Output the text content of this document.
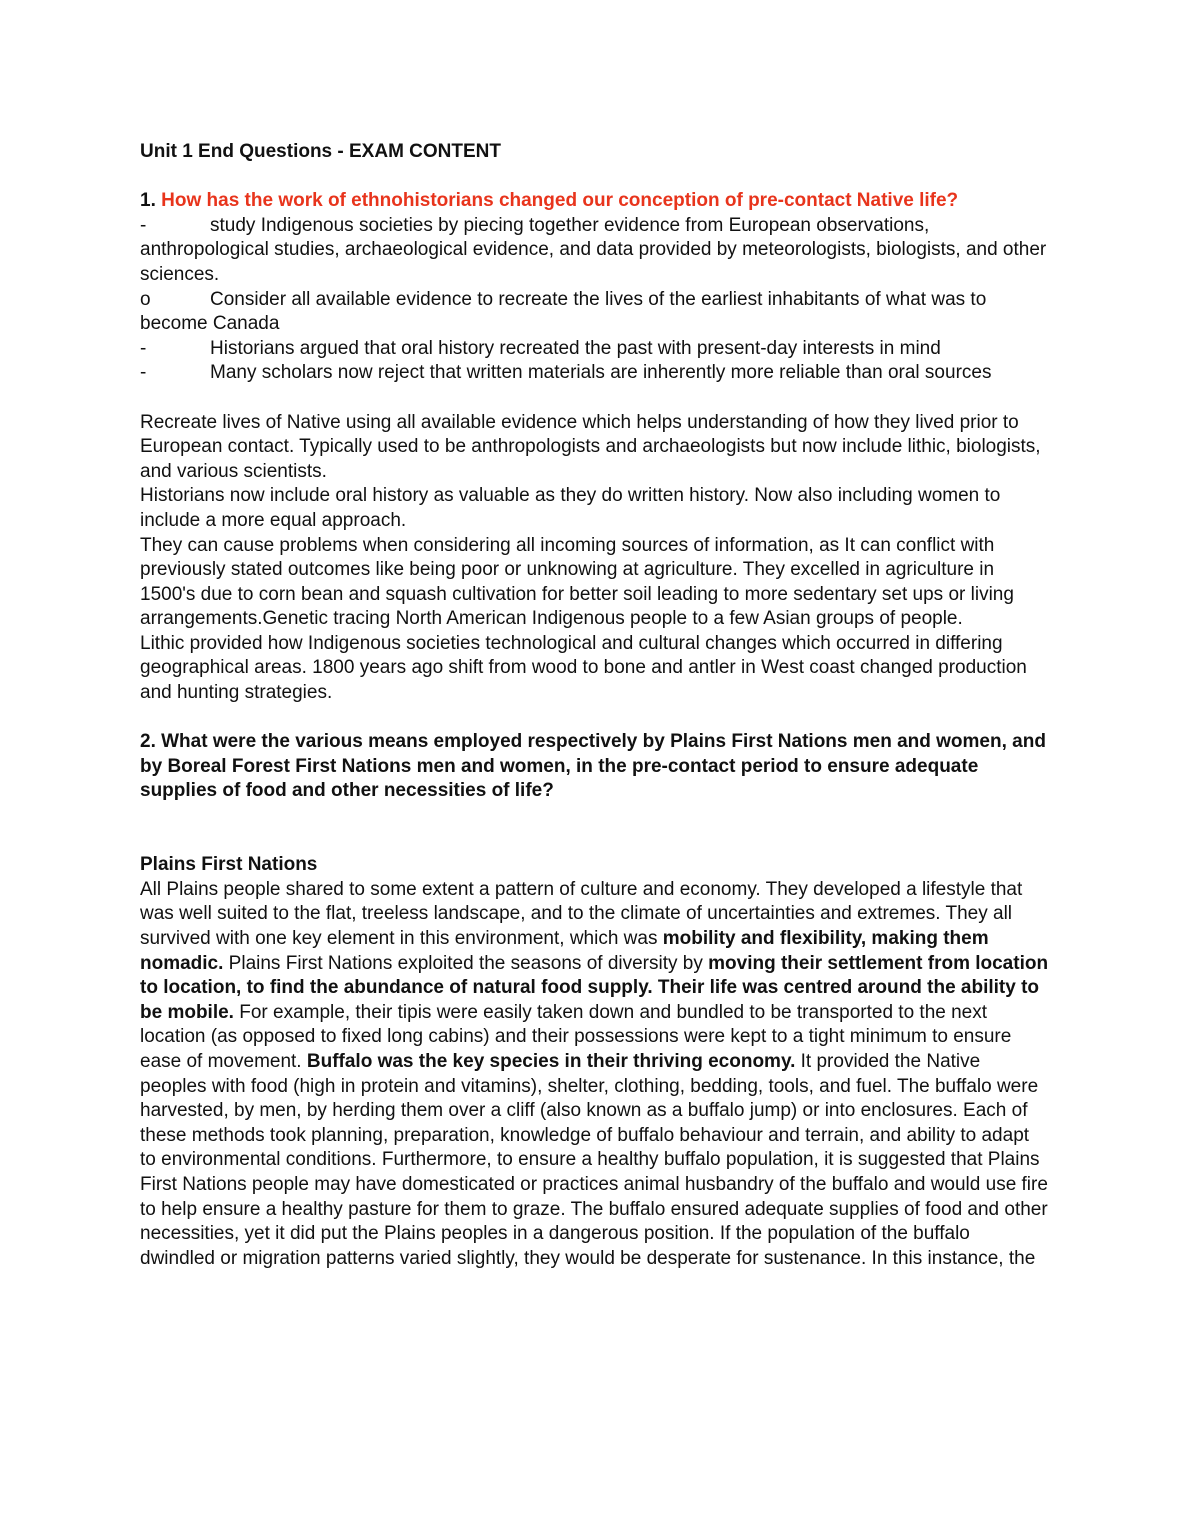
Unit 1 End Questions - EXAM CONTENT

1. How has the work of ethnohistorians changed our conception of pre-contact Native life?

-	study Indigenous societies by piecing together evidence from European observations, anthropological studies, archaeological evidence, and data provided by meteorologists, biologists, and other sciences.
o	Consider all available evidence to recreate the lives of the earliest inhabitants of what was to become Canada
-	Historians argued that oral history recreated the past with present-day interests in mind
-	Many scholars now reject that written materials are inherently more reliable than oral sources

Recreate lives of Native using all available evidence which helps understanding of how they lived prior to European contact. Typically used to be anthropologists and archaeologists but now include lithic, biologists, and various scientists.

Historians now include oral history as valuable as they do written history. Now also including women to include a more equal approach.

They can cause problems when considering all incoming sources of information, as It can conflict with previously stated outcomes like being poor or unknowing at agriculture. They excelled in agriculture in 1500's due to corn bean and squash cultivation for better soil leading to more sedentary set ups or living arrangements.Genetic tracing North American Indigenous people to a few Asian groups of people.

Lithic provided how Indigenous societies technological and cultural changes which occurred in differing geographical areas. 1800 years ago shift from wood to bone and antler in West coast changed production and hunting strategies.

2. What were the various means employed respectively by Plains First Nations men and women, and by Boreal Forest First Nations men and women, in the pre-contact period to ensure adequate supplies of food and other necessities of life?

Plains First Nations

All Plains people shared to some extent a pattern of culture and economy. They developed a lifestyle that was well suited to the flat, treeless landscape, and to the climate of uncertainties and extremes. They all survived with one key element in this environment, which was mobility and flexibility, making them nomadic. Plains First Nations exploited the seasons of diversity by moving their settlement from location to location, to find the abundance of natural food supply. Their life was centred around the ability to be mobile. For example, their tipis were easily taken down and bundled to be transported to the next location (as opposed to fixed long cabins) and their possessions were kept to a tight minimum to ensure ease of movement. Buffalo was the key species in their thriving economy. It provided the Native peoples with food (high in protein and vitamins), shelter, clothing, bedding, tools, and fuel. The buffalo were harvested, by men, by herding them over a cliff (also known as a buffalo jump) or into enclosures. Each of these methods took planning, preparation, knowledge of buffalo behaviour and terrain, and ability to adapt to environmental conditions. Furthermore, to ensure a healthy buffalo population, it is suggested that Plains First Nations people may have domesticated or practices animal husbandry of the buffalo and would use fire to help ensure a healthy pasture for them to graze. The buffalo ensured adequate supplies of food and other necessities, yet it did put the Plains peoples in a dangerous position. If the population of the buffalo dwindled or migration patterns varied slightly, they would be desperate for sustenance. In this instance, the
